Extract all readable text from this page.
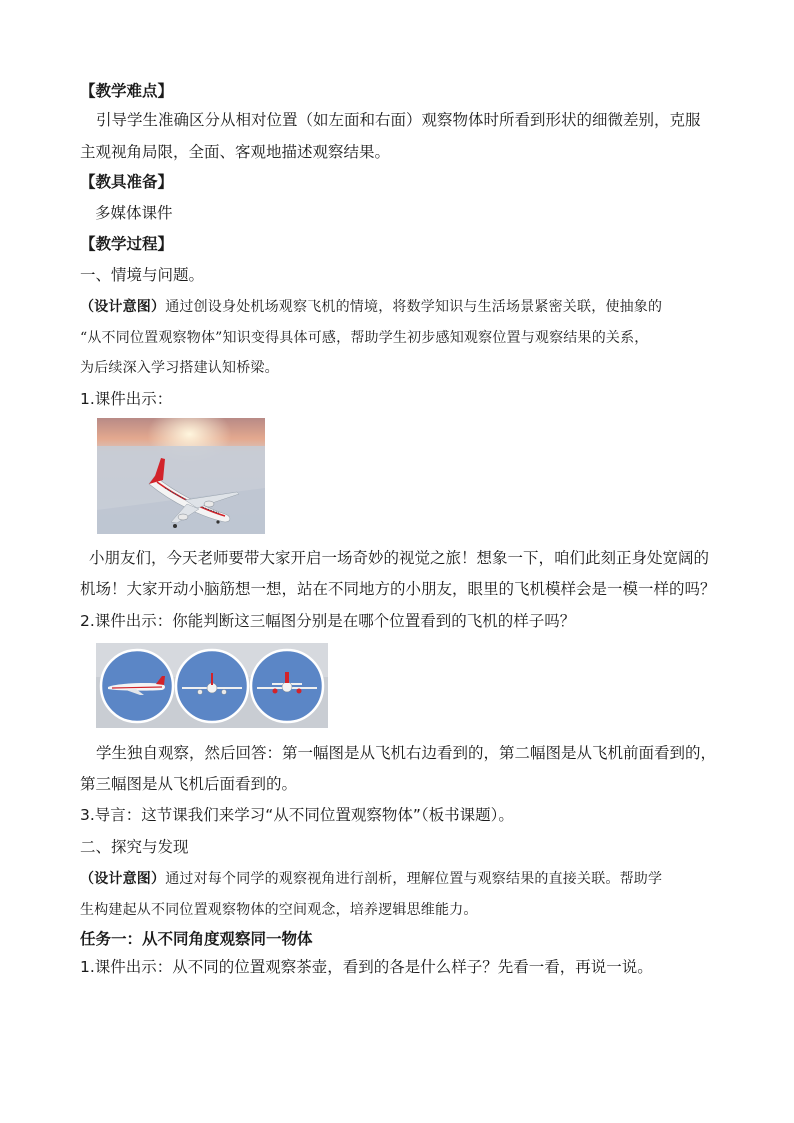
【教学难点】
引导学生准确区分从相对位置（如左面和右面）观察物体时所看到形状的细微差别，克服
主观视角局限，全面、客观地描述观察结果。
【教具准备】
多媒体课件
【教学过程】
一、情境与问题。
（设计意图）通过创设身处机场观察飞机的情境，将数学知识与生活场景紧密关联，使抽象的
“从不同位置观察物体”知识变得具体可感，帮助学生初步感知观察位置与观察结果的关系，
为后续深入学习搭建认知桥梁。
1.课件出示：
小朋友们，今天老师要带大家开启一场奇妙的视觉之旅！想象一下，咱们此刻正身处宽阔的
机场！大家开动小脑筋想一想，站在不同地方的小朋友，眼里的飞机模样会是一模一样的吗？
2.课件出示：你能判断这三幅图分别是在哪个位置看到的飞机的样子吗？
学生独自观察，然后回答：第一幅图是从飞机右边看到的，第二幅图是从飞机前面看到的，
第三幅图是从飞机后面看到的。
3.导言：这节课我们来学习“从不同位置观察物体”（板书课题）。
二、探究与发现
（设计意图）通过对每个同学的观察视角进行剖析，理解位置与观察结果的直接关联。帮助学
生构建起从不同位置观察物体的空间观念，培养逻辑思维能力。
任务一：从不同角度观察同一物体
1.课件出示：从不同的位置观察茶壶，看到的各是什么样子？先看一看，再说一说。
